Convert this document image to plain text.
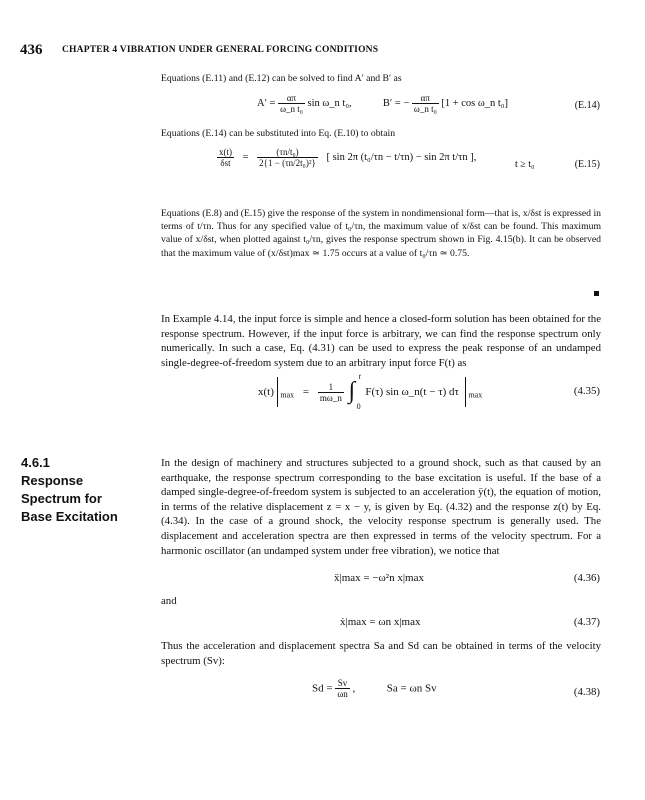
436 CHAPTER 4 VIBRATION UNDER GENERAL FORCING CONDITIONS

Equations (E.11) and (E.12) can be solved to find A′ and B′ as

$A' = \frac{\alpha\pi}{\text{ω\_n t₀}}$ sin ω_n t₀,	B′ = − $\frac{\alpha\pi}{\text{ω\_n t₀}} [1 + \cos$ ω_n t₀]	(E.14)

Equations (E.14) can be substituted into Eq. (E.10) to obtain

$\frac{x(t)}{\text{δst}} = \frac{\text{(τn/t₀)}}{\text{2\{1 − (τn/2t₀)²\}}}$ [ sin 2π (t₀/τn − t/τn) − sin 2π t/τn ],
t ≥ t₀	(E.15)

Equations (E.8) and (E.15) give the response of the system in nondimensional form—that is, x/δst is expressed in terms of t/τn. Thus for any specified value of t₀/τn, the maximum value of x/δst can be found. This maximum value of x/δst, when plotted against t₀/τn, gives the response spectrum shown in Fig. 4.15(b). It can be observed that the maximum value of (x/δst)max ≃ 1.75 occurs at a value of t₀/τn ≃ 0.75.

In Example 4.14, the input force is simple and hence a closed-form solution has been obtained for the response spectrum. However, if the input force is arbitrary, we can find the response spectrum only numerically. In such a case, Eq. (4.31) can be used to express the peak response of an undamped single-degree-of-freedom system due to an arbitrary input force F(t) as

x(t) $_{max} = \frac{1}{m\omega\_n}$
∫
t
0
F(τ) sin ω_n(t − τ) dτ $_{max}$	(4.35)
4.6.1
Response
Spectrum for
Base Excitation

In the design of machinery and structures subjected to a ground shock, such as that caused by an earthquake, the response spectrum corresponding to the base excitation is useful. If the base of a damped single-degree-of-freedom system is subjected to an acceleration ÿ(t), the equation of motion, in terms of the relative displacement z = x − y, is given by Eq. (4.32) and the response z(t) by Eq. (4.34). In the case of a ground shock, the velocity response spectrum is generally used. The displacement and acceleration spectra are then expressed in terms of the velocity spectrum. For a harmonic oscillator (an undamped system under free vibration), we notice that

ẍ|max = −ω²n x|max	(4.36)
and
ẋ|max = ωn x|max	(4.37)

Thus the acceleration and displacement spectra Sa and Sd can be obtained in terms of the velocity spectrum (Sv):

$Sd = \frac{Sv}{\omega n}$ ,	Sa = ωn Sv	(4.38)
